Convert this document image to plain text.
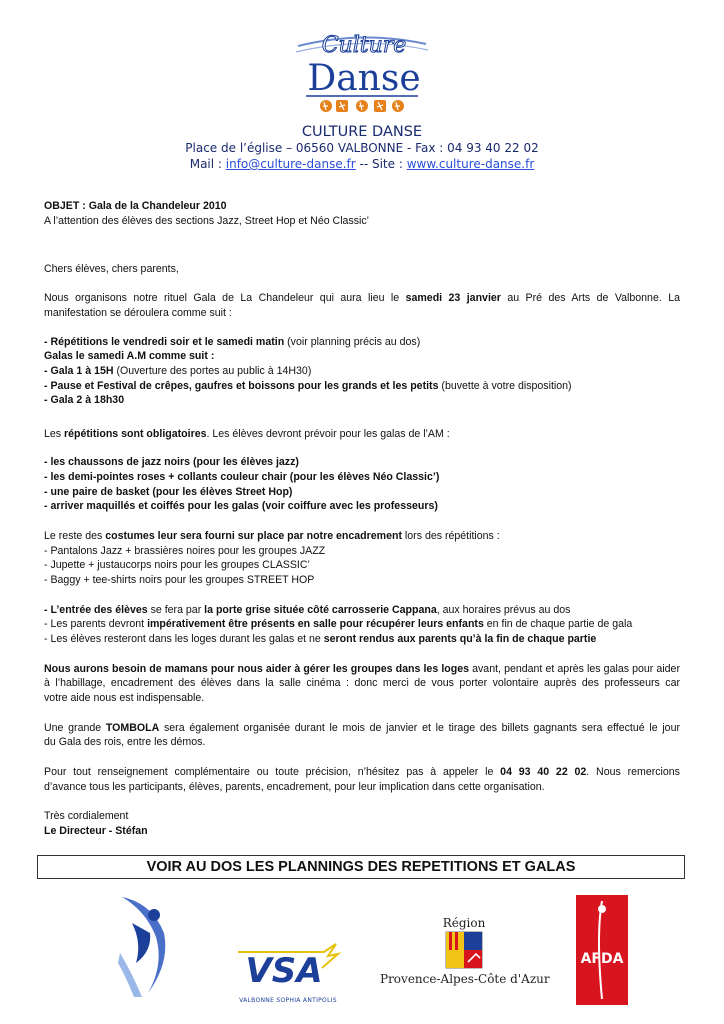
Culture
Danse
CULTURE DANSE
Place de l’église – 06560 VALBONNE - Fax : 04 93 40 22 02
Mail : info@culture-danse.fr -- Site : www.culture-danse.fr
OBJET : Gala de la Chandeleur 2010
A l’attention des élèves des sections Jazz, Street Hop et Néo Classic’
Chers élèves, chers parents,
Nous organisons notre rituel Gala de La Chandeleur qui aura lieu le samedi 23 janvier au Pré des Arts de Valbonne. La
manifestation se déroulera comme suit :
- Répétitions le vendredi soir et le samedi matin (voir planning précis au dos)
Galas le samedi A.M comme suit :
- Gala 1 à 15H (Ouverture des portes au public à 14H30)
- Pause et Festival de crêpes, gaufres et boissons pour les grands et les petits (buvette à votre disposition)
- Gala 2 à 18h30
Les répétitions sont obligatoires. Les élèves devront prévoir pour les galas de l’AM :
- les chaussons de jazz noirs (pour les élèves jazz)
- les demi-pointes roses + collants couleur chair (pour les élèves Néo Classic’)
- une paire de basket (pour les élèves Street Hop)
- arriver maquillés et coiffés pour les galas (voir coiffure avec les professeurs)
Le reste des costumes leur sera fourni sur place par notre encadrement lors des répétitions :
- Pantalons Jazz + brassières noires pour les groupes JAZZ
- Jupette + justaucorps noirs pour les groupes CLASSIC’
- Baggy + tee-shirts noirs pour les groupes STREET HOP
- L’entrée des élèves se fera par la porte grise située côté carrosserie Cappana, aux horaires prévus au dos
- Les parents devront impérativement être présents en salle pour récupérer leurs enfants en fin de chaque partie de gala
- Les élèves resteront dans les loges durant les galas et ne seront rendus aux parents qu’à la fin de chaque partie
Nous aurons besoin de mamans pour nous aider à gérer les groupes dans les loges avant, pendant et après les galas pour aider
à l’habillage, encadrement des élèves dans la salle cinéma : donc merci de vous porter volontaire auprès des professeurs car
votre aide nous est indispensable.
Une grande TOMBOLA sera également organisée durant le mois de janvier et le tirage des billets gagnants sera effectué le jour
du Gala des rois, entre les démos.
Pour tout renseignement complémentaire ou toute précision, n’hésitez pas à appeler le 04 93 40 22 02. Nous remercions
d’avance tous les participants, élèves, parents, encadrement, pour leur implication dans cette organisation.
Très cordialement
Le Directeur - Stéfan
VOIR AU DOS LES PLANNINGS DES REPETITIONS ET GALAS
VSA
VALBONNE SOPHIA ANTIPOLIS
Région
Provence-Alpes-Côte d'Azur
AFDA
